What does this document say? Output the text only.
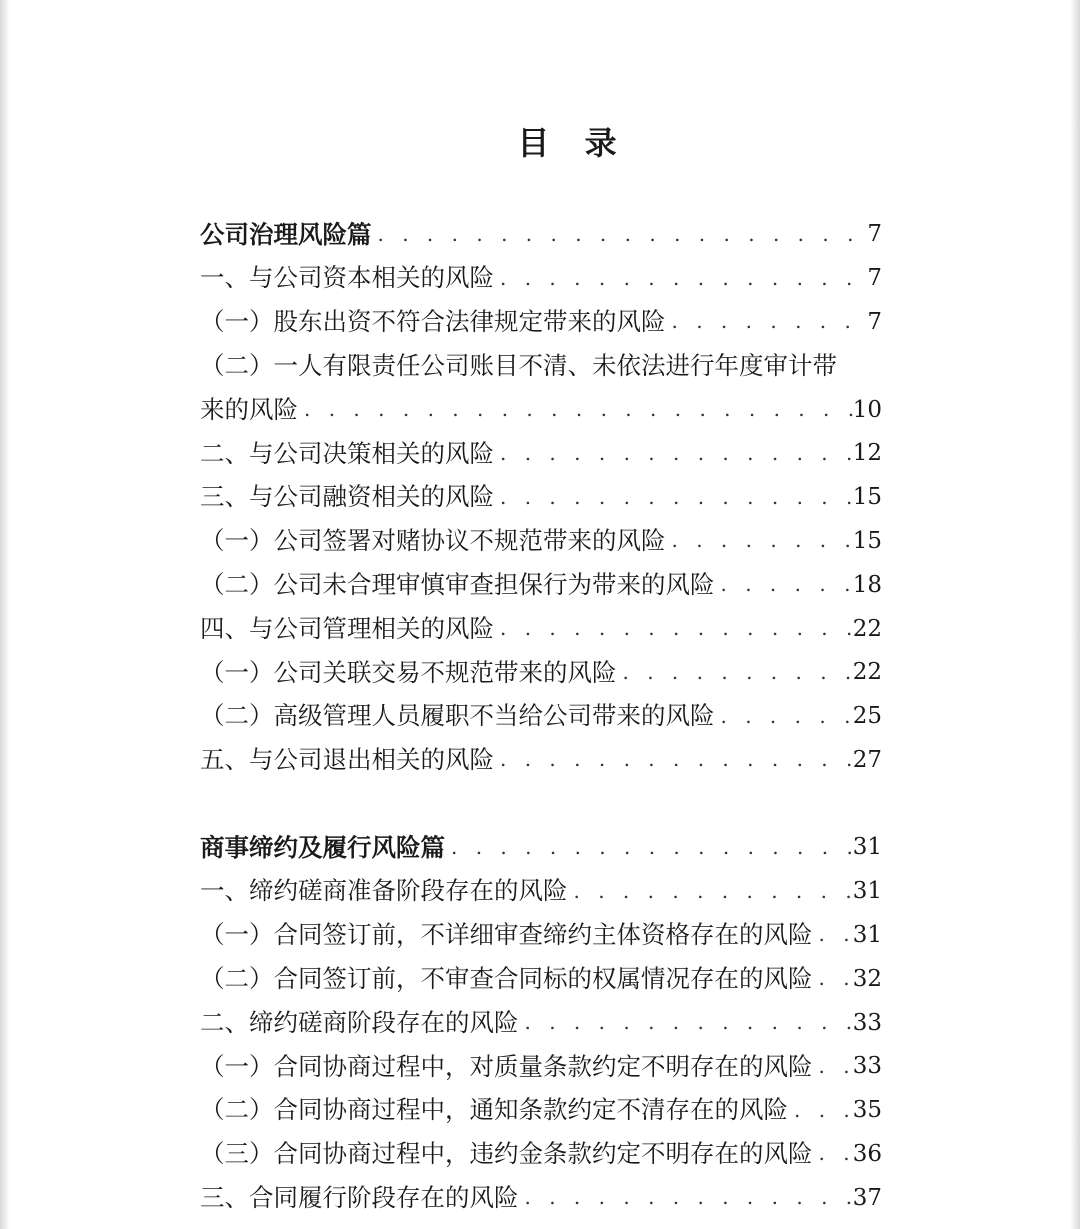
目 录
公司治理风险篇 . . .	7
一、与公司资本相关的风险 . . .	7
（一）股东出资不符合法律规定带来的风险 . . .	7
（二）一人有限责任公司账目不清、未依法进行年度审计带
来的风险 . . .	10
二、与公司决策相关的风险 . . .	12
三、与公司融资相关的风险 . . .	15
（一）公司签署对赌协议不规范带来的风险 . . .	15
（二）公司未合理审慎审查担保行为带来的风险 . . .	18
四、与公司管理相关的风险 . . .	22
（一）公司关联交易不规范带来的风险 . . .	22
（二）高级管理人员履职不当给公司带来的风险 . . .	25
五、与公司退出相关的风险 . . .	27
商事缔约及履行风险篇 . . .	31
一、缔约磋商准备阶段存在的风险 . . .	31
（一）合同签订前，不详细审查缔约主体资格存在的风险 . . . 31
（二）合同签订前，不审查合同标的权属情况存在的风险 . . . 32
二、缔约磋商阶段存在的风险 . . .	33
（一）合同协商过程中，对质量条款约定不明存在的风险 . . . 33
（二）合同协商过程中，通知条款约定不清存在的风险 . . .	35
（三）合同协商过程中，违约金条款约定不明存在的风险 . . . 36
三、合同履行阶段存在的风险 . . .	37
